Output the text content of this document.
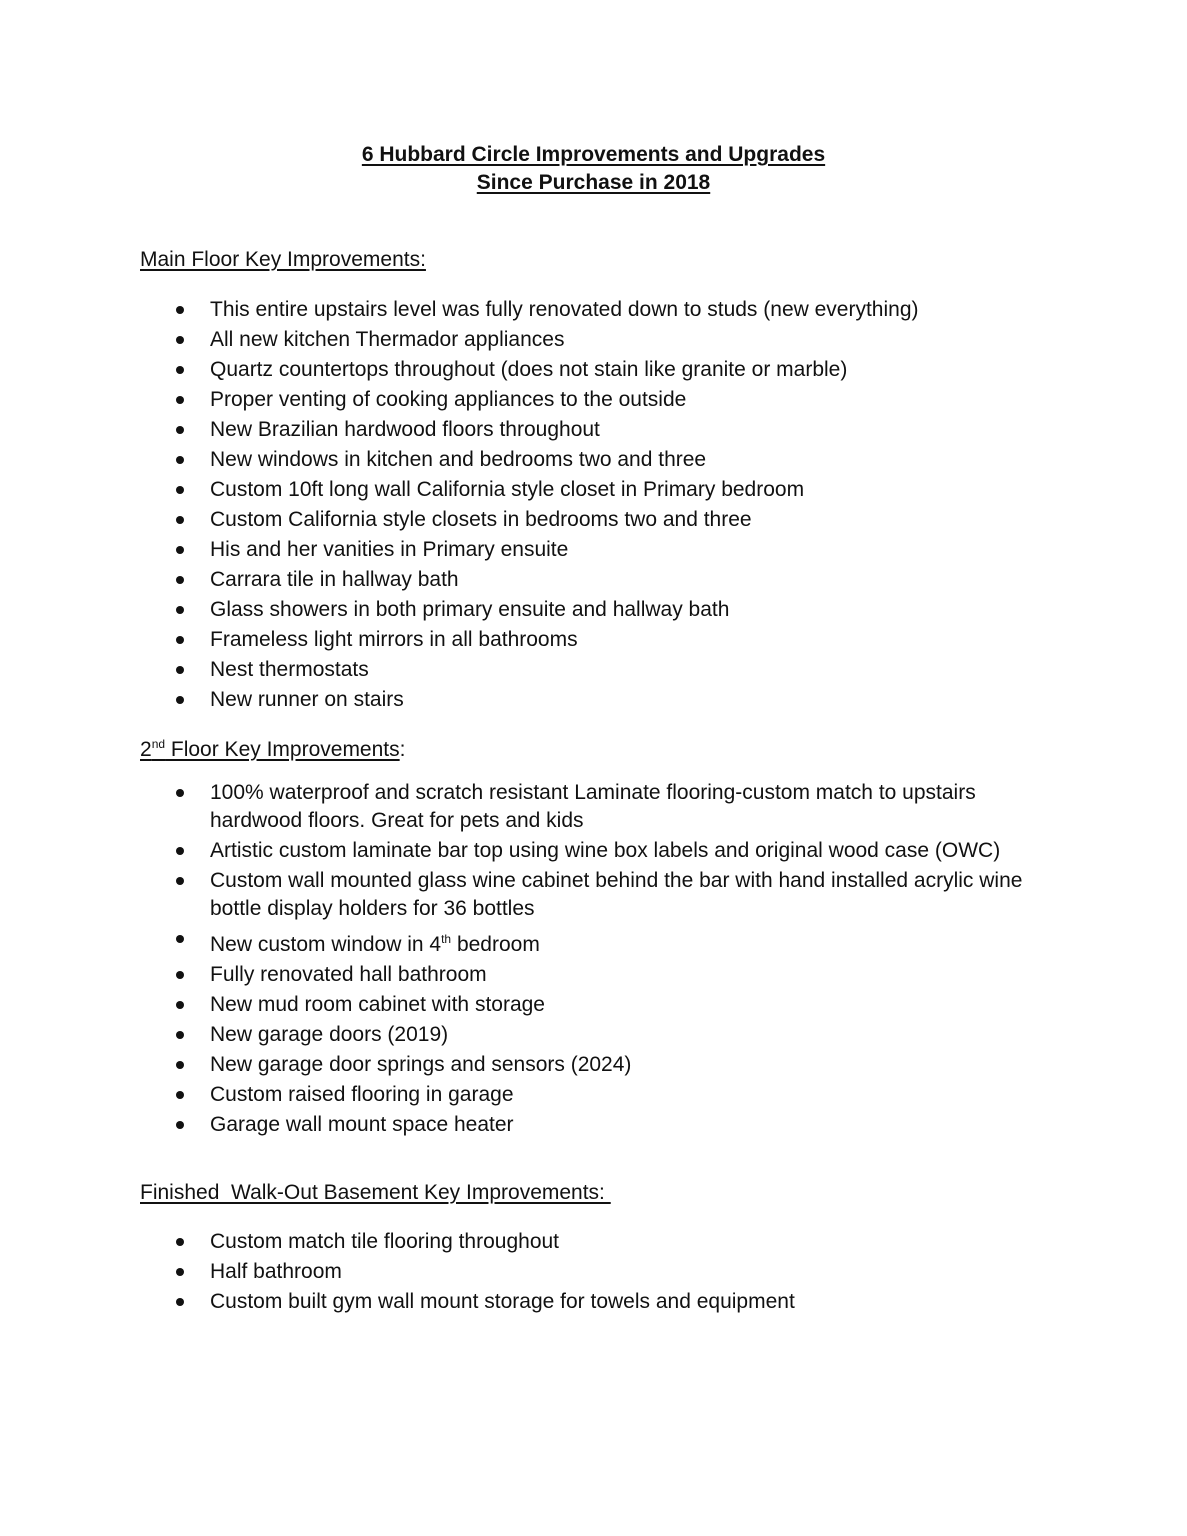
6 Hubbard Circle Improvements and Upgrades
Since Purchase in 2018
Main Floor Key Improvements:
This entire upstairs level was fully renovated down to studs (new everything)
All new kitchen Thermador appliances
Quartz countertops throughout (does not stain like granite or marble)
Proper venting of cooking appliances to the outside
New Brazilian hardwood floors throughout
New windows in kitchen and bedrooms two and three
Custom 10ft long wall California style closet in Primary bedroom
Custom California style closets in bedrooms two and three
His and her vanities in Primary ensuite
Carrara tile in hallway bath
Glass showers in both primary ensuite and hallway bath
Frameless light mirrors in all bathrooms
Nest thermostats
New runner on stairs
2nd Floor Key Improvements:
100% waterproof and scratch resistant Laminate flooring-custom match to upstairs hardwood floors. Great for pets and kids
Artistic custom laminate bar top using wine box labels and original wood case (OWC)
Custom wall mounted glass wine cabinet behind the bar with hand installed acrylic wine bottle display holders for 36 bottles
New custom window in 4th bedroom
Fully renovated hall bathroom
New mud room cabinet with storage
New garage doors (2019)
New garage door springs and sensors (2024)
Custom raised flooring in garage
Garage wall mount space heater
Finished  Walk-Out Basement Key Improvements:
Custom match tile flooring throughout
Half bathroom
Custom built gym wall mount storage for towels and equipment
